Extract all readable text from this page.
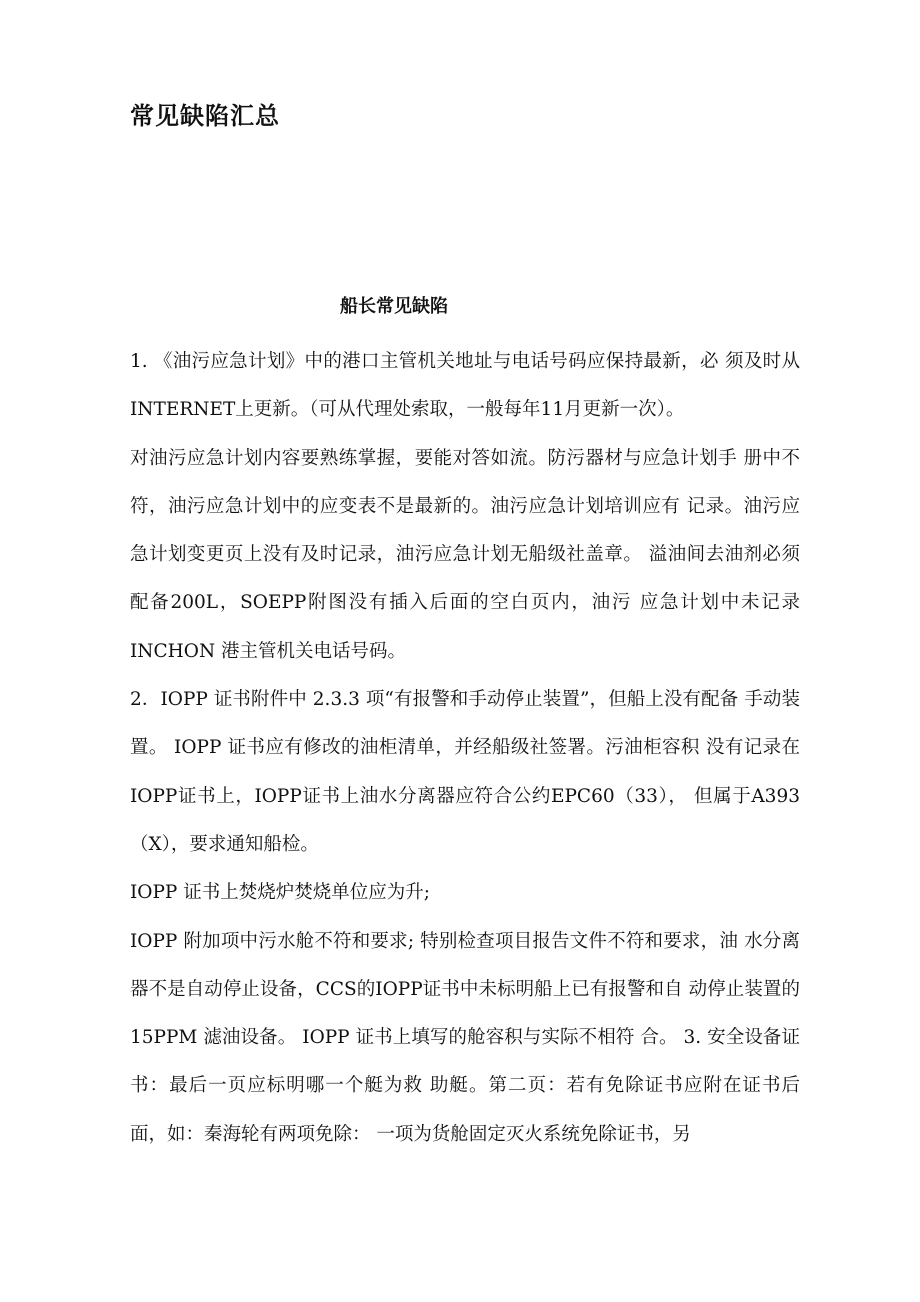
常见缺陷汇总
船长常见缺陷

1. 《油污应急计划》中的港口主管机关地址与电话号码应保持最新，必 须及时从INTERNET上更新。（可从代理处索取，一般每年11月更新一次）。

对油污应急计划内容要熟练掌握，要能对答如流。防污器材与应急计划手 册中不符，油污应急计划中的应变表不是最新的。油污应急计划培训应有 记录。油污应急计划变更页上没有及时记录，油污应急计划无船级社盖章。 溢油间去油剂必须配备200L，SOEPP附图没有插入后面的空白页内，油污 应急计划中未记录 INCHON 港主管机关电话号码。

2．IOPP 证书附件中 2.3.3 项“有报警和手动停止装置”，但船上没有配备 手动装置。 IOPP 证书应有修改的油柜清单，并经船级社签署。污油柜容积 没有记录在IOPP证书上，IOPP证书上油水分离器应符合公约EPC60（33）， 但属于A393（X），要求通知船检。

IOPP 证书上焚烧炉焚烧单位应为升;

IOPP 附加项中污水舱不符和要求; 特别检查项目报告文件不符和要求，油 水分离器不是自动停止设备，CCS的IOPP证书中未标明船上已有报警和自 动停止装置的 15PPM 滤油设备。 IOPP 证书上填写的舱容积与实际不相符 合。 3. 安全设备证书：最后一页应标明哪一个艇为救 助艇。第二页：若有免除证书应附在证书后面，如：秦海轮有两项免除： 一项为货舱固定灭火系统免除证书，另
